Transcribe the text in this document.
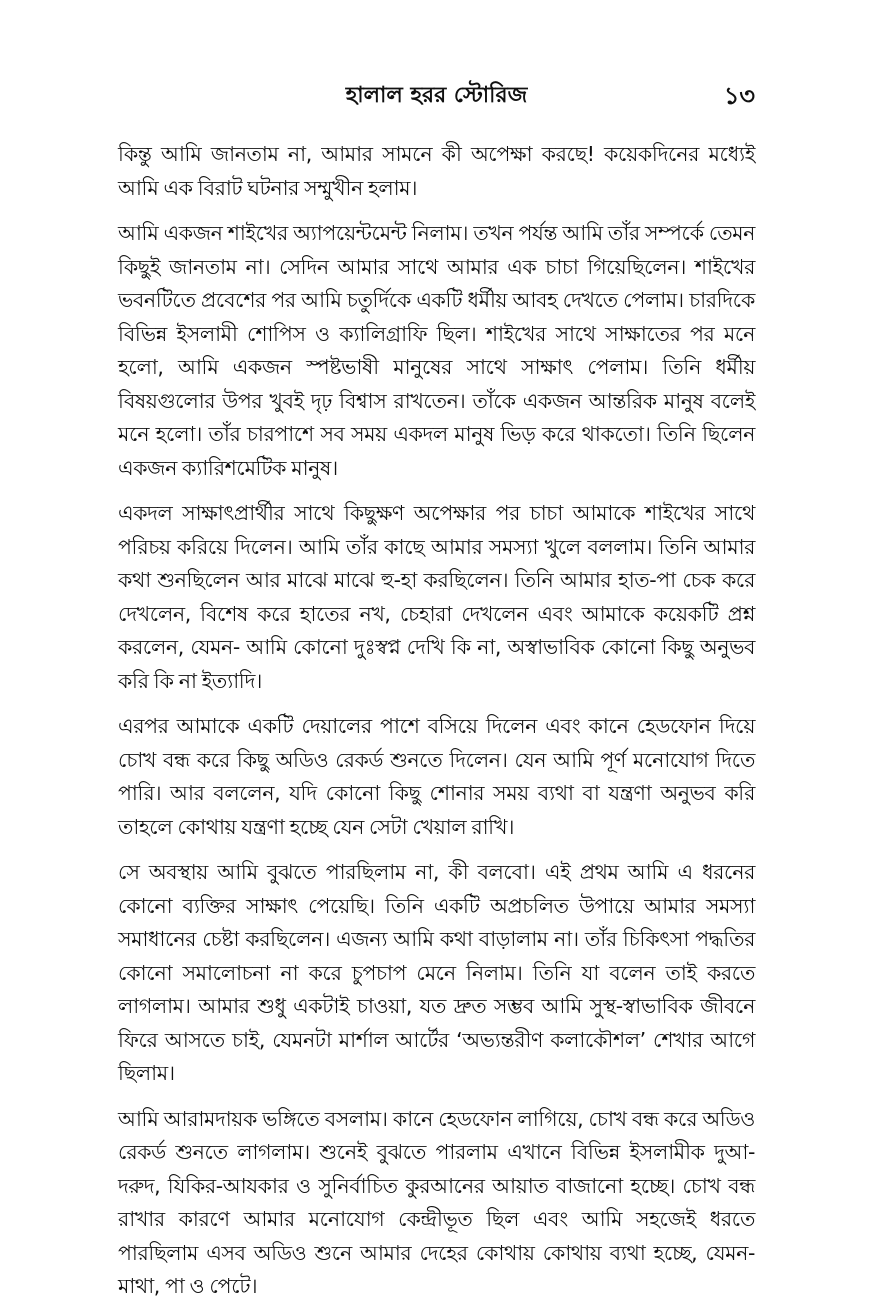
হালাল হরর স্টোরিজ	১৩

কিন্তু আমি জানতাম না, আমার সামনে কী অপেক্ষা করছে! কয়েকদিনের মধ্যেই আমি এক বিরাট ঘটনার সম্মুখীন হলাম।

আমি একজন শাইখের অ্যাপয়েন্টমেন্ট নিলাম। তখন পর্যন্ত আমি তাঁর সম্পর্কে তেমন কিছুই জানতাম না। সেদিন আমার সাথে আমার এক চাচা গিয়েছিলেন। শাইখের ভবনটিতে প্রবেশের পর আমি চতুর্দিকে একটি ধর্মীয় আবহ দেখতে পেলাম। চারদিকে বিভিন্ন ইসলামী শোপিস ও ক্যালিগ্রাফি ছিল। শাইখের সাথে সাক্ষাতের পর মনে হলো, আমি একজন স্পষ্টভাষী মানুষের সাথে সাক্ষাৎ পেলাম। তিনি ধর্মীয় বিষয়গুলোর উপর খুবই দৃঢ় বিশ্বাস রাখতেন। তাঁকে একজন আন্তরিক মানুষ বলেই মনে হলো। তাঁর চারপাশে সব সময় একদল মানুষ ভিড় করে থাকতো। তিনি ছিলেন একজন ক্যারিশমেটিক মানুষ।

একদল সাক্ষাৎপ্রার্থীর সাথে কিছুক্ষণ অপেক্ষার পর চাচা আমাকে শাইখের সাথে পরিচয় করিয়ে দিলেন। আমি তাঁর কাছে আমার সমস্যা খুলে বললাম। তিনি আমার কথা শুনছিলেন আর মাঝে মাঝে হু-হা করছিলেন। তিনি আমার হাত-পা চেক করে দেখলেন, বিশেষ করে হাতের নখ, চেহারা দেখলেন এবং আমাকে কয়েকটি প্রশ্ন করলেন, যেমন- আমি কোনো দুঃস্বপ্ন দেখি কি না, অস্বাভাবিক কোনো কিছু অনুভব করি কি না ইত্যাদি।

এরপর আমাকে একটি দেয়ালের পাশে বসিয়ে দিলেন এবং কানে হেডফোন দিয়ে চোখ বন্ধ করে কিছু অডিও রেকর্ড শুনতে দিলেন। যেন আমি পূর্ণ মনোযোগ দিতে পারি। আর বললেন, যদি কোনো কিছু শোনার সময় ব্যথা বা যন্ত্রণা অনুভব করি তাহলে কোথায় যন্ত্রণা হচ্ছে যেন সেটা খেয়াল রাখি।

সে অবস্থায় আমি বুঝতে পারছিলাম না, কী বলবো। এই প্রথম আমি এ ধরনের কোনো ব্যক্তির সাক্ষাৎ পেয়েছি। তিনি একটি অপ্রচলিত উপায়ে আমার সমস্যা সমাধানের চেষ্টা করছিলেন। এজন্য আমি কথা বাড়ালাম না। তাঁর চিকিৎসা পদ্ধতির কোনো সমালোচনা না করে চুপচাপ মেনে নিলাম। তিনি যা বলেন তাই করতে লাগলাম। আমার শুধু একটাই চাওয়া, যত দ্রুত সম্ভব আমি সুস্থ-স্বাভাবিক জীবনে ফিরে আসতে চাই, যেমনটা মার্শাল আর্টের ‘অভ্যন্তরীণ কলাকৌশল’ শেখার আগে ছিলাম।

আমি আরামদায়ক ভঙ্গিতে বসলাম। কানে হেডফোন লাগিয়ে, চোখ বন্ধ করে অডিও রেকর্ড শুনতে লাগলাম। শুনেই বুঝতে পারলাম এখানে বিভিন্ন ইসলামীক দুআ-দরুদ, যিকির-আযকার ও সুনির্বাচিত কুরআনের আয়াত বাজানো হচ্ছে। চোখ বন্ধ রাখার কারণে আমার মনোযোগ কেন্দ্রীভূত ছিল এবং আমি সহজেই ধরতে পারছিলাম এসব অডিও শুনে আমার দেহের কোথায় কোথায় ব্যথা হচ্ছে, যেমন- মাথা, পা ও পেটে।
